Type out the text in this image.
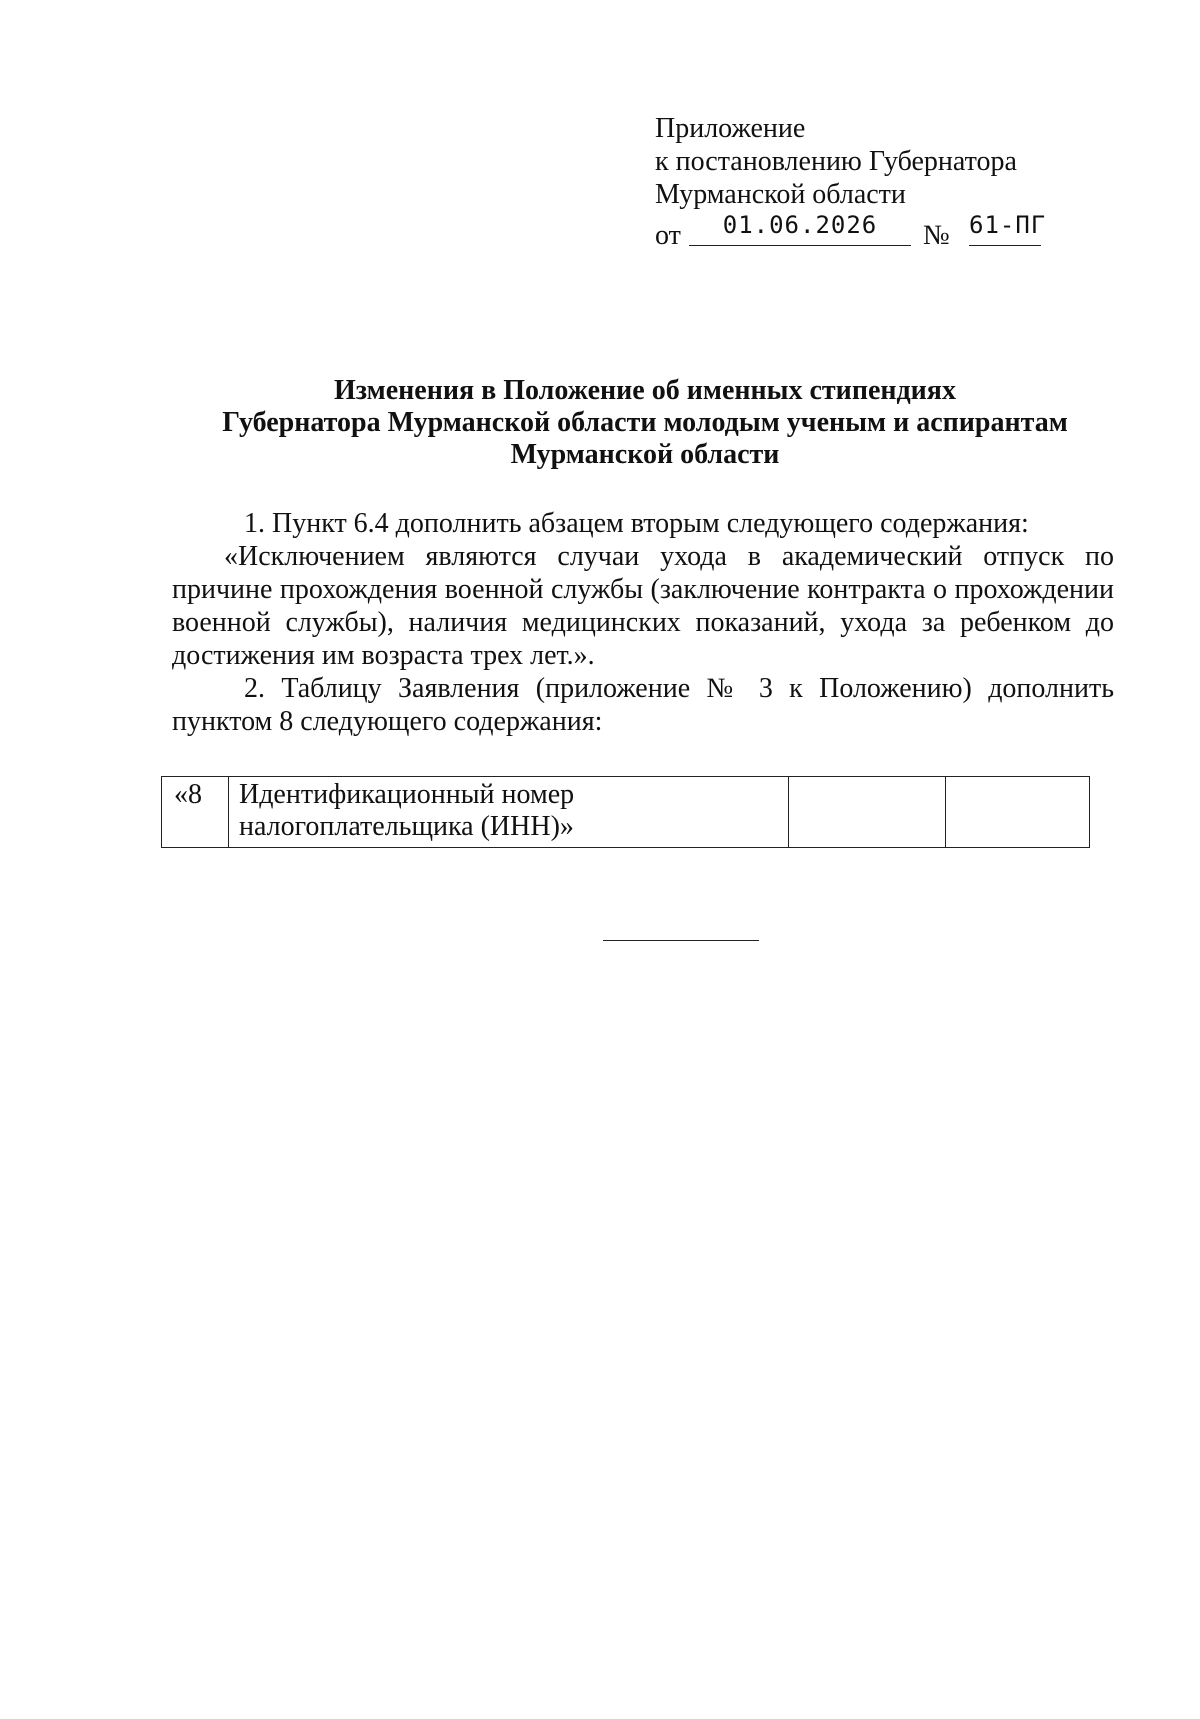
Приложение
к постановлению Губернатора
Мурманской области
от	01.06.2026	№ 61-ПГ
Изменения в Положение об именных стипендиях
Губернатора Мурманской области молодым ученым и аспирантам
Мурманской области

1. Пункт 6.4 дополнить абзацем вторым следующего содержания:

«Исключением являются случаи ухода в академический отпуск по причине прохождения военной службы (заключение контракта о прохождении военной службы), наличия медицинских показаний, ухода за ребенком до достижения им возраста трех лет.».

2. Таблицу Заявления (приложение № 3 к Положению) дополнить пунктом 8 следующего содержания:

«8	Идентификационный номер
налогоплательщика (ИНН)»
